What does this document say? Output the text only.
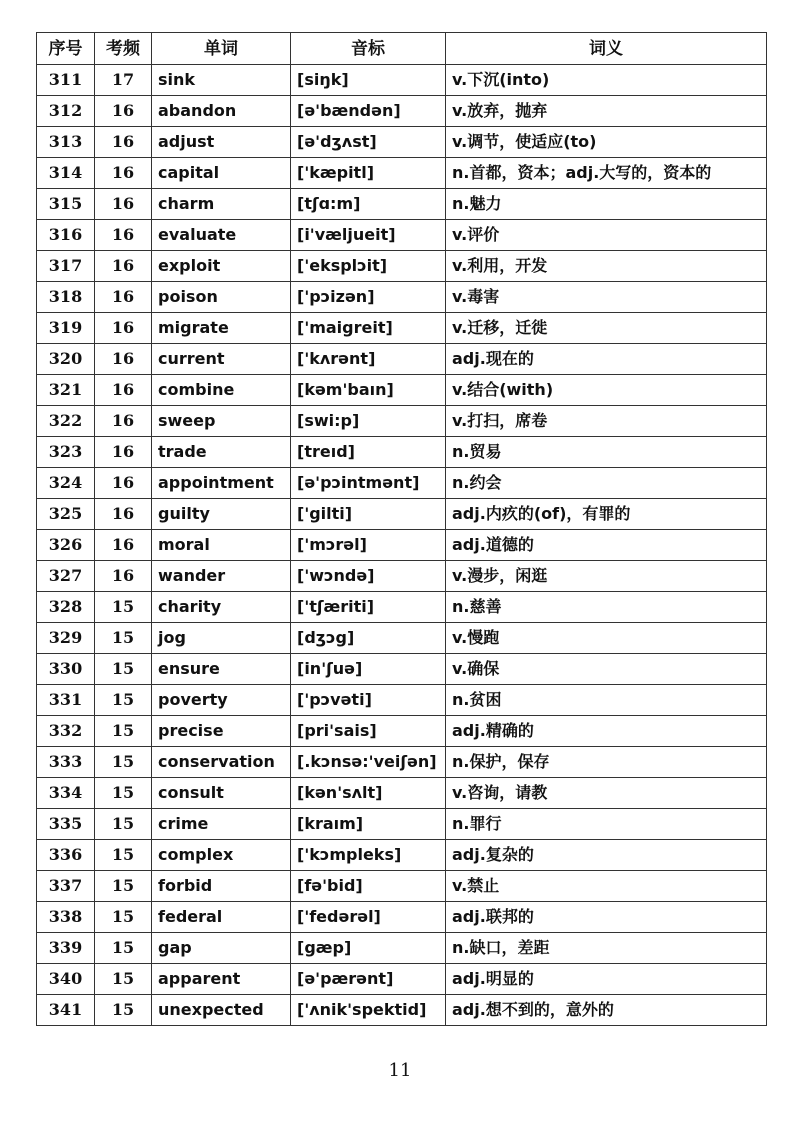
序号	考频	单词	音标	词义
311	17	sink	[siŋk]	v.下沉(into)
312	16	abandon	[ə'bændən]	v.放弃，抛弃
313	16	adjust	[ə'dʒʌst]	v.调节，使适应(to)
314	16	capital	['kæpitl]	n.首都，资本；adj.大写的，资本的
315	16	charm	[tʃɑ:m]	n.魅力
316	16	evaluate	[i'væljueit]	v.评价
317	16	exploit	['eksplɔit]	v.利用，开发
318	16	poison	['pɔizən]	v.毒害
319	16	migrate	['maigreit]	v.迁移，迁徙
320	16	current	['kʌrənt]	adj.现在的
321	16	combine	[kəm'baın]	v.结合(with)
322	16	sweep	[swi:p]	v.打扫，席卷
323	16	trade	[treıd]	n.贸易
324	16	appointment	[ə'pɔintmənt]	n.约会
325	16	guilty	['gilti]	adj.内疚的(of)，有罪的
326	16	moral	['mɔrəl]	adj.道德的
327	16	wander	['wɔndə]	v.漫步，闲逛
328	15	charity	['tʃæriti]	n.慈善
329	15	jog	[dʒɔg]	v.慢跑
330	15	ensure	[in'ʃuə]	v.确保
331	15	poverty	['pɔvəti]	n.贫困
332	15	precise	[pri'sais]	adj.精确的
333	15	conservation	[.kɔnsə:'veiʃən]	n.保护，保存
334	15	consult	[kən'sʌlt]	v.咨询，请教
335	15	crime	[kraım]	n.罪行
336	15	complex	['kɔmpleks]	adj.复杂的
337	15	forbid	[fə'bid]	v.禁止
338	15	federal	['fedərəl]	adj.联邦的
339	15	gap	[gæp]	n.缺口，差距
340	15	apparent	[ə'pærənt]	adj.明显的
341	15	unexpected	['ʌnik'spektid]	adj.想不到的，意外的
11
